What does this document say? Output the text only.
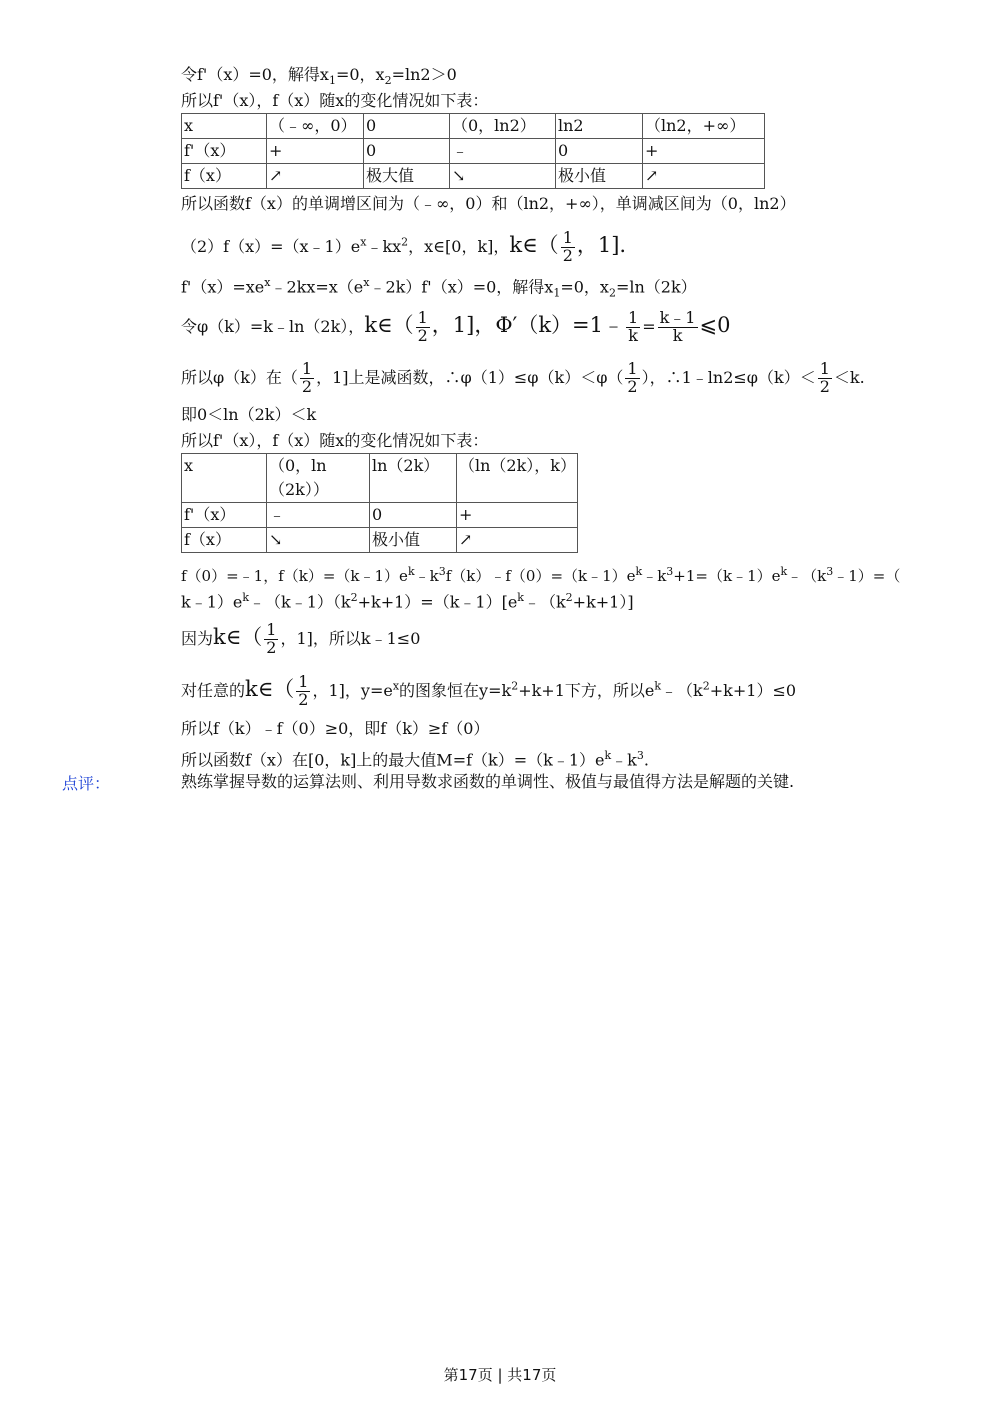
令f'（x）=0，解得$x_1=0$，$x_2=\ln 2>0$
所以f'（x），f（x）随x的变化情况如下表：
x	（﹣∞，0）	0	（0，ln2）	ln2	（ln2，+∞）
f'（x）	+	0	﹣	0	+
f（x）	↗	极大值	↘	极小值	↗
所以函数f（x）的单调增区间为（﹣∞，0）和（ln2，+∞），单调减区间为（0，ln2）
$(2)f(x)=(x﹣1)e^x﹣kx^2$，x∈[0，k]，k∈（ $\frac{1}{2}$ ，1].
$f'(x)=xe^x﹣2kx=x(e^x﹣2k)f'(x)=0$，解得$x_1=0$，$x_2=\ln(2k)$
令φ（k）=k﹣ln（2k），k∈（ $\frac{1}{2}$ ，1]，Φ′（k）=1﹣ $\frac{1}{k} = \frac{k﹣1}{k}$ ⩽0
所以φ（k）在（ $\frac{1}{2}$ ，1]上是减函数，∴φ（1）≤φ（k）＜φ（ $\frac{1}{2}$ ），∴1﹣ln2≤φ（k）＜ $\frac{1}{2} <k$.
即0＜ln（2k）＜k
所以f'（x），f（x）随x的变化情况如下表：
x	（0，ln（2k））	ln（2k）	（ln（2k），k）
f'（x）	﹣	0	+
f（x）	↘	极小值	↗
f（0）=﹣1，$f(k)=(k﹣1)e^k﹣k^3f(k)﹣f(0)=(k﹣1)e^k﹣k^3+1=(k﹣1)e^k﹣(k^3﹣1)=$（
$k﹣1)e^k﹣(k﹣1)(k^2+k+1)=(k﹣1)[e^k﹣(k^2+k+1)]$
因为k∈（ $\frac{1}{2}$ ，1]，所以k﹣1≤0
对任意的k∈（ $\frac{1}{2}$ ，1]，$y=e^x$的图象恒在$y=k^2+k+1$下方，所以$e^k﹣(k^2+k+1)\le 0$
所以f（k）﹣f（0）≥0，即f（k）≥f（0）
所以函数f（x）在[0，k]上的最大值$M=f(k)=(k﹣1)e^k﹣k^3$.
点评：	熟练掌握导数的运算法则、利用导数求函数的单调性、极值与最值得方法是解题的关键.
第17页 | 共17页
